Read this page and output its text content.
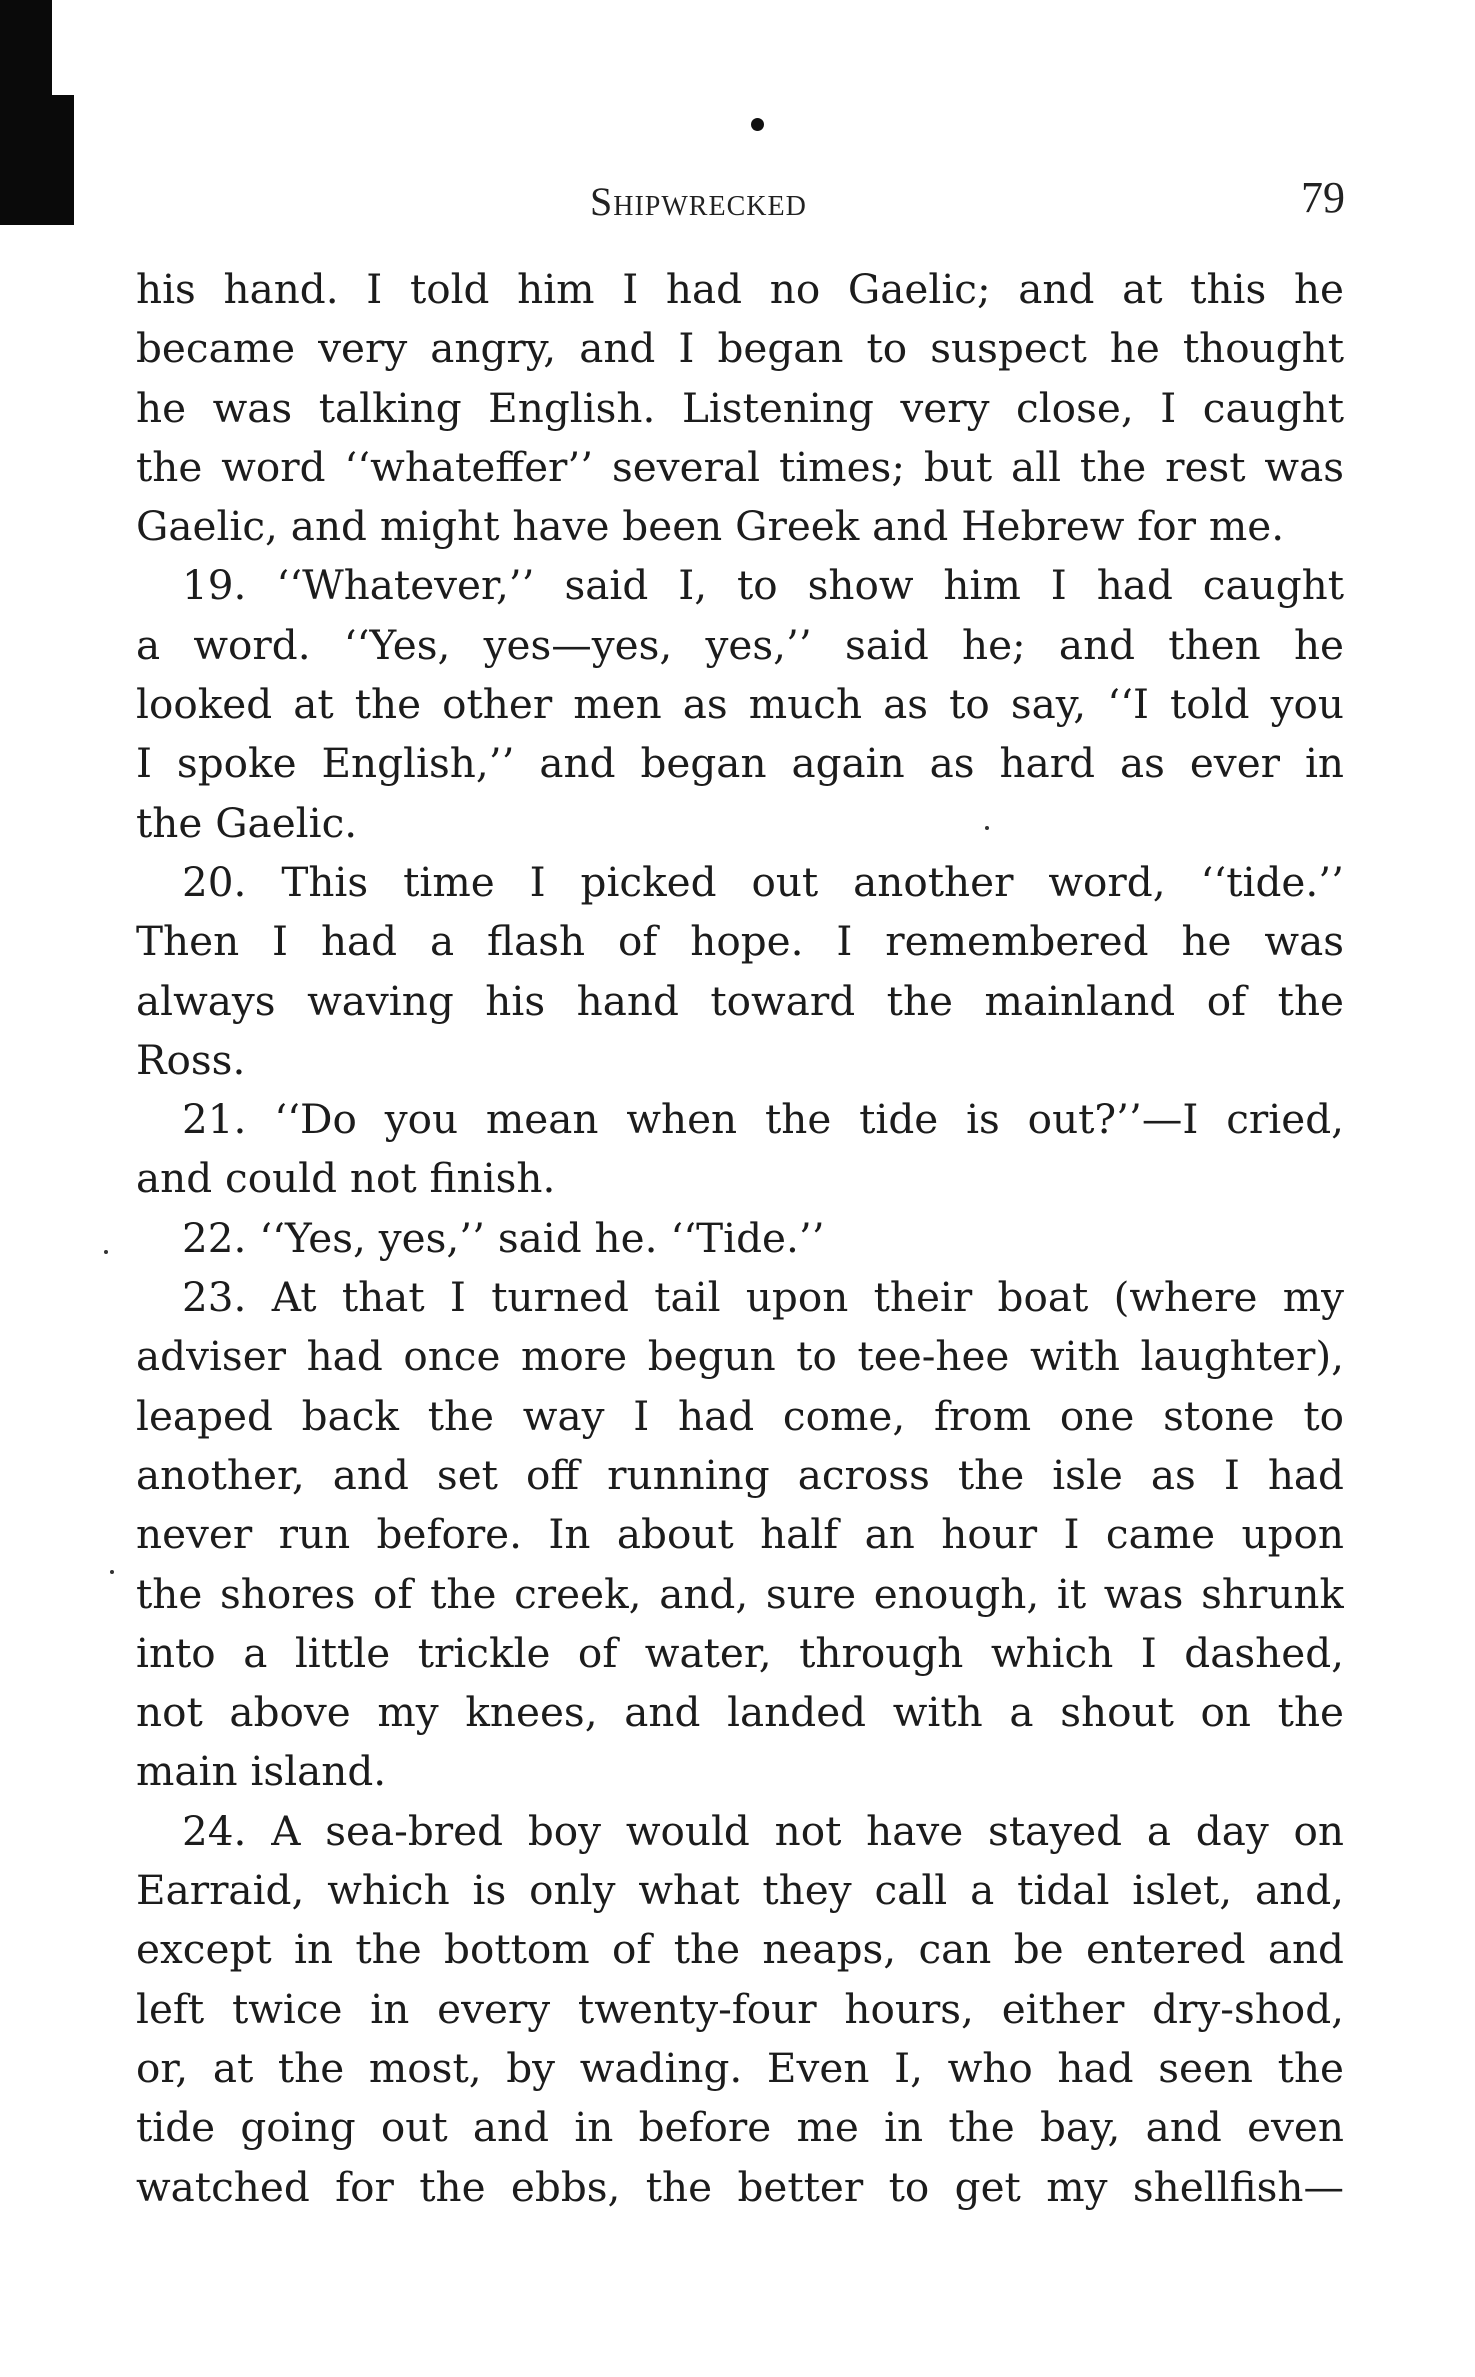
Shipwrecked	79
his hand. I told him I had no Gaelic; and at this he
became very angry, and I began to suspect he thought
he was talking English. Listening very close, I caught
the word ‘‘whateffer’’ several times; but all the rest was
Gaelic, and might have been Greek and Hebrew for me.
19. ‘‘Whatever,’’ said I, to show him I had caught
a word. ‘‘Yes, yes—yes, yes,’’ said he; and then he
looked at the other men as much as to say, ‘‘I told you
I spoke English,’’ and began again as hard as ever in
the Gaelic.
20. This time I picked out another word, ‘‘tide.’’
Then I had a flash of hope. I remembered he was
always waving his hand toward the mainland of the
Ross.
21. ‘‘Do you mean when the tide is out?’’—I cried,
and could not finish.
22. ‘‘Yes, yes,’’ said he. ‘‘Tide.’’
23. At that I turned tail upon their boat (where my
adviser had once more begun to tee-hee with laughter),
leaped back the way I had come, from one stone to
another, and set off running across the isle as I had
never run before. In about half an hour I came upon
the shores of the creek, and, sure enough, it was shrunk
into a little trickle of water, through which I dashed,
not above my knees, and landed with a shout on the
main island.
24. A sea-bred boy would not have stayed a day on
Earraid, which is only what they call a tidal islet, and,
except in the bottom of the neaps, can be entered and
left twice in every twenty-four hours, either dry-shod,
or, at the most, by wading. Even I, who had seen the
tide going out and in before me in the bay, and even
watched for the ebbs, the better to get my shellfish—
